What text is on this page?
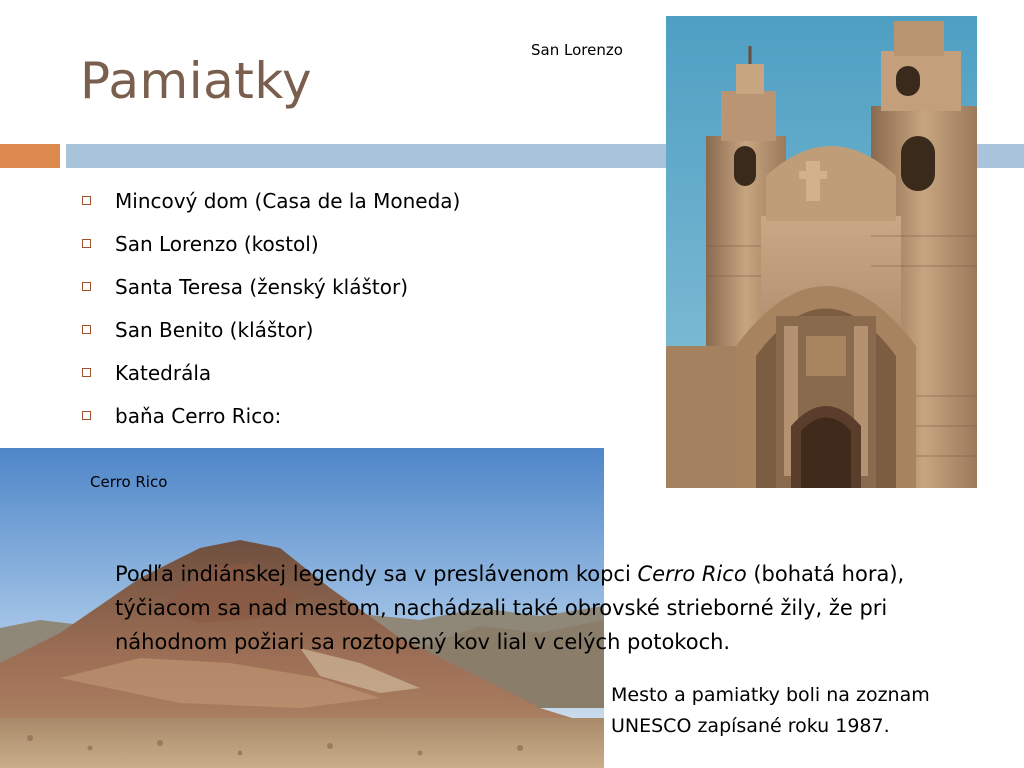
Pamiatky
San Lorenzo
Mincový dom (Casa de la Moneda)
San Lorenzo (kostol)
Santa Teresa (ženský kláštor)
San Benito (kláštor)
Katedrála
baňa Cerro Rico:
Cerro Rico
Podľa indiánskej legendy sa v preslávenom kopci Cerro Rico (bohatá hora), týčiacom sa nad mestom, nachádzali také obrovské strieborné žily, že pri náhodnom požiari sa roztopený kov lial v celých potokoch.
Mesto a pamiatky boli na zoznam
UNESCO zapísané roku 1987.
